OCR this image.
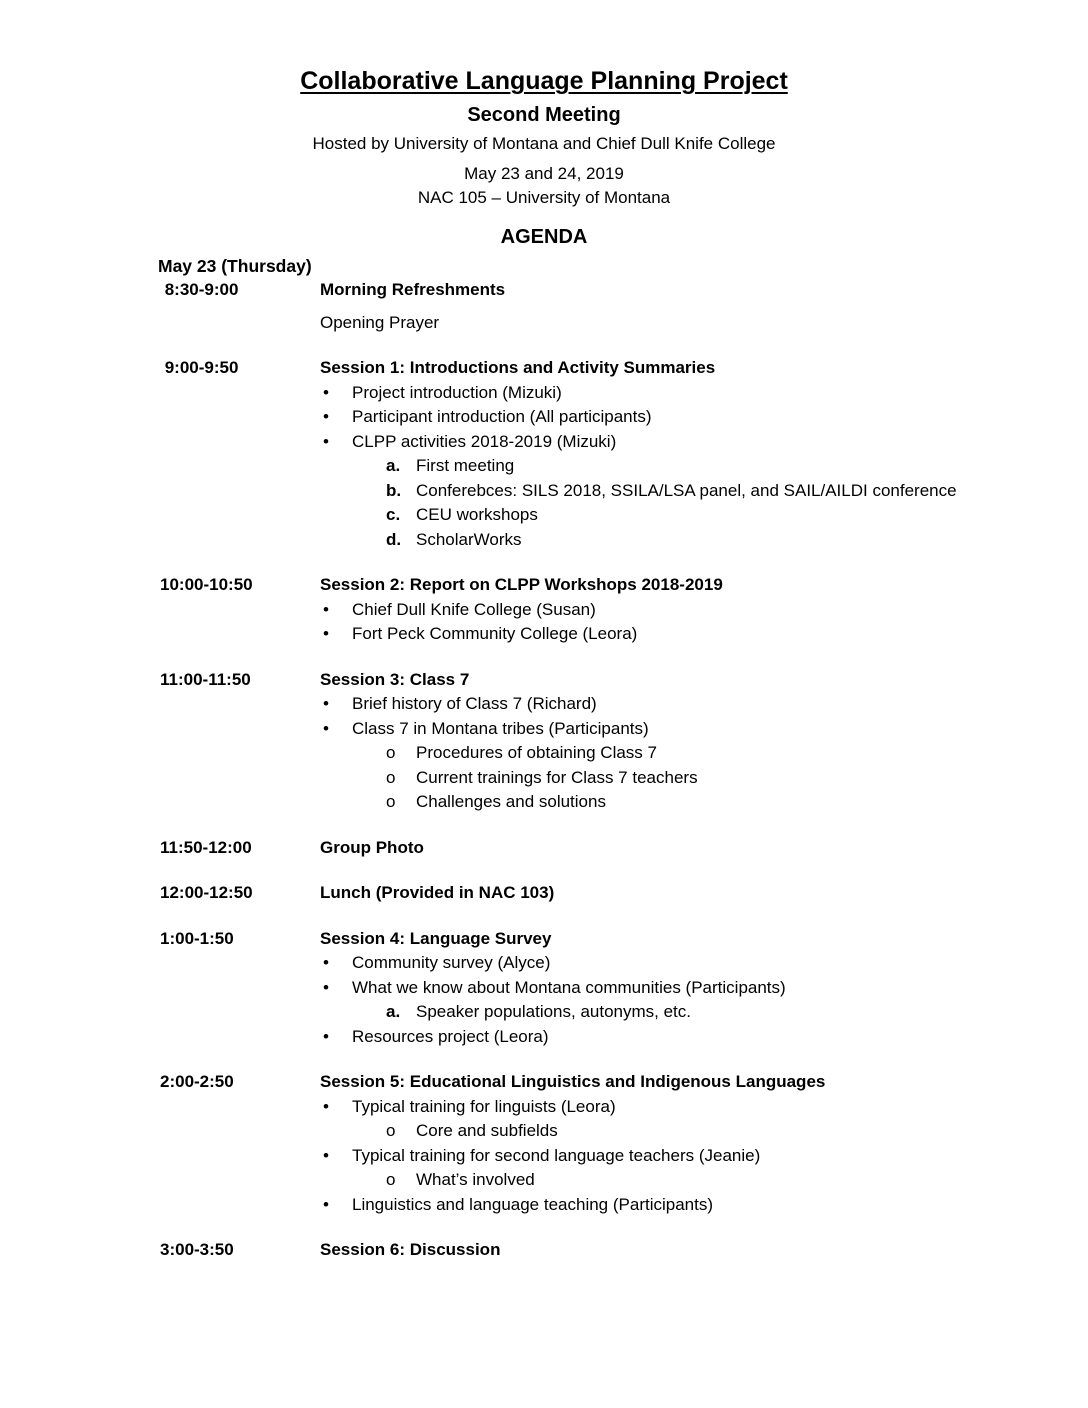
Collaborative Language Planning Project
Second Meeting

Hosted by University of Montana and Chief Dull Knife College

May 23 and 24, 2019

NAC 105 – University of Montana

AGENDA
May 23 (Thursday)
8:30-9:00	Morning Refreshments
Opening Prayer
9:00-9:50	Session 1: Introductions and Activity Summaries
•	Project introduction (Mizuki)
•	Participant introduction (All participants)
•	CLPP activities 2018-2019 (Mizuki)
a. First meeting
b. Conferebces: SILS 2018, SSILA/LSA panel, and SAIL/AILDI conference
c. CEU workshops
d. ScholarWorks
10:00-10:50	Session 2: Report on CLPP Workshops 2018-2019
•	Chief Dull Knife College (Susan)
•	Fort Peck Community College (Leora)
11:00-11:50	Session 3: Class 7
•	Brief history of Class 7 (Richard)
•	Class 7 in Montana tribes (Participants)
o	Procedures of obtaining Class 7
o	Current trainings for Class 7 teachers
o	Challenges and solutions
11:50-12:00	Group Photo
12:00-12:50	Lunch (Provided in NAC 103)
1:00-1:50	Session 4: Language Survey
•	Community survey (Alyce)
•	What we know about Montana communities (Participants)
a. Speaker populations, autonyms, etc.
•	Resources project (Leora)
2:00-2:50	Session 5: Educational Linguistics and Indigenous Languages
•	Typical training for linguists (Leora)
o	Core and subfields
•	Typical training for second language teachers (Jeanie)
o	What’s involved
•	Linguistics and language teaching (Participants)
3:00-3:50	Session 6: Discussion
